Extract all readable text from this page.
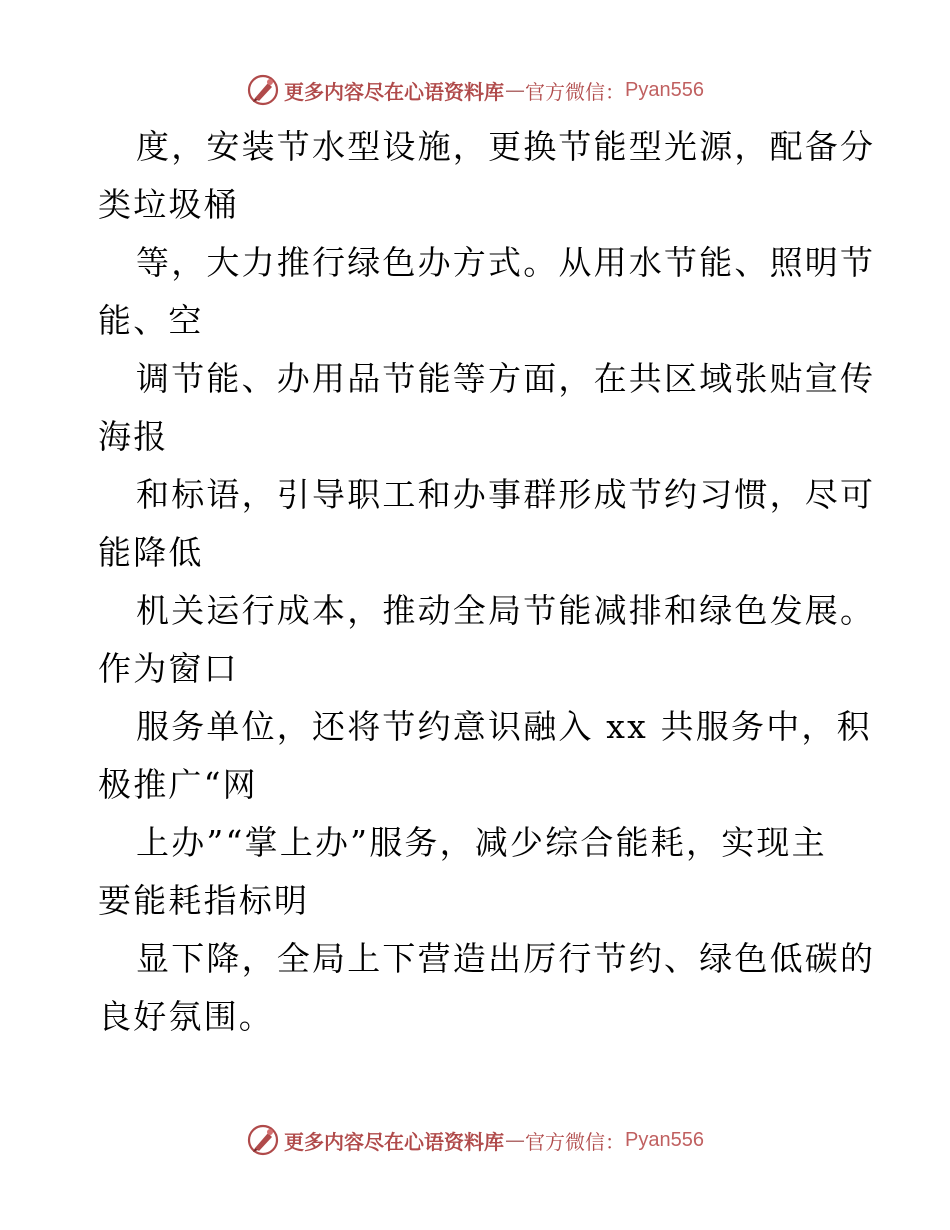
更多内容尽在心语资料库 — 官方微信： Pyan556
度，安装节水型设施，更换节能型光源，配备分
类垃圾桶
等，大力推行绿色办方式。从用水节能、照明节
能、空
调节能、办用品节能等方面，在共区域张贴宣传
海报
和标语，引导职工和办事群形成节约习惯，尽可
能降低
机关运行成本，推动全局节能减排和绿色发展。
作为窗口
服务单位，还将节约意识融入 xx 共服务中，积
极推广“网
上办”“掌上办”服务，减少综合能耗，实现主
要能耗指标明
显下降，全局上下营造出厉行节约、绿色低碳的
良好氛围。
更多内容尽在心语资料库 — 官方微信： Pyan556
